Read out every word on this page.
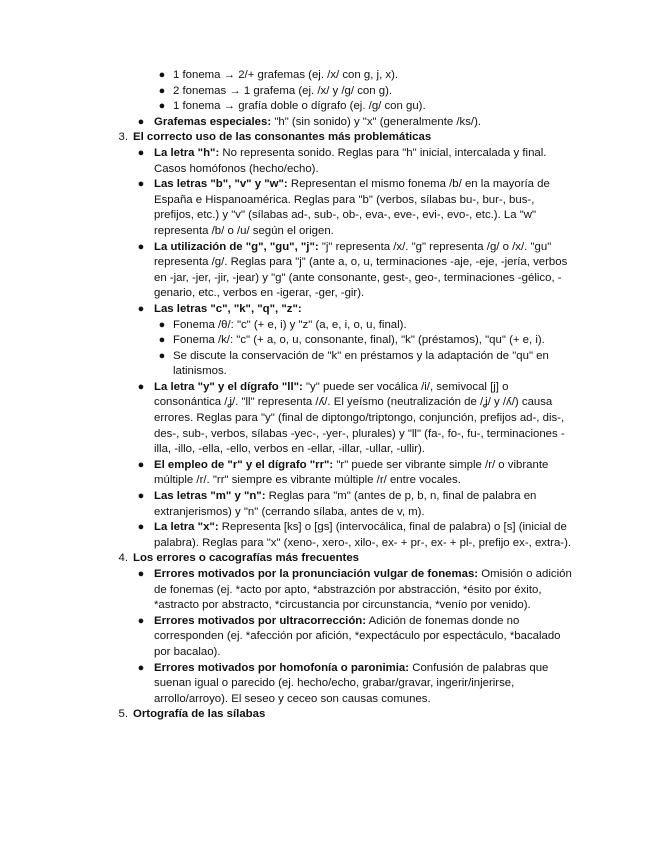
● 1 fonema → 2/+ grafemas (ej. /x/ con g, j, x).
● 2 fonemas → 1 grafema (ej. /x/ y /g/ con g).
● 1 fonema → grafía doble o dígrafo (ej. /g/ con gu).
● Grafemas especiales: "h" (sin sonido) y "x" (generalmente /ks/).
3. El correcto uso de las consonantes más problemáticas
● La letra "h": No representa sonido. Reglas para "h" inicial, intercalada y final. Casos homófonos (hecho/echo).
● Las letras "b", "v" y "w": Representan el mismo fonema /b/ en la mayoría de España e Hispanoamérica. Reglas para "b" (verbos, sílabas bu-, bur-, bus-, prefijos, etc.) y "v" (sílabas ad-, sub-, ob-, eva-, eve-, evi-, evo-, etc.). La "w" representa /b/ o /u/ según el origen.
● La utilización de "g", "gu", "j": "j" representa /x/. "g" representa /g/ o /x/. "gu" representa /g/. Reglas para "j" (ante a, o, u, terminaciones -aje, -eje, -jería, verbos en -jar, -jer, -jir, -jear) y "g" (ante consonante, gest-, geo-, terminaciones -gélico, -genario, etc., verbos en -igerar, -ger, -gir).
● Las letras "c", "k", "q", "z":
● Fonema /θ/: "c" (+ e, i) y "z" (a, e, i, o, u, final).
● Fonema /k/: "c" (+ a, o, u, consonante, final), "k" (préstamos), "qu" (+ e, i).
● Se discute la conservación de "k" en préstamos y la adaptación de "qu" en latinismos.
● La letra "y" y el dígrafo "ll": "y" puede ser vocálica /i/, semivocal [j] o consonántica /ʝ/. "ll" representa /ʎ/. El yeísmo (neutralización de /ʝ/ y /ʎ/) causa errores. Reglas para "y" (final de diptongo/triptongo, conjunción, prefijos ad-, dis-, des-, sub-, verbos, sílabas -yec-, -yer-, plurales) y "ll" (fa-, fo-, fu-, terminaciones -illa, -illo, -ella, -ello, verbos en -ellar, -illar, -ullar, -ullir).
● El empleo de "r" y el dígrafo "rr": "r" puede ser vibrante simple /r/ o vibrante múltiple /r/. "rr" siempre es vibrante múltiple /r/ entre vocales.
● Las letras "m" y "n": Reglas para "m" (antes de p, b, n, final de palabra en extranjerismos) y "n" (cerrando sílaba, antes de v, m).
● La letra "x": Representa [ks] o [gs] (intervocálica, final de palabra) o [s] (inicial de palabra). Reglas para "x" (xeno-, xero-, xilo-, ex- + pr-, ex- + pl-, prefijo ex-, extra-).
4. Los errores o cacografías más frecuentes
● Errores motivados por la pronunciación vulgar de fonemas: Omisión o adición de fonemas (ej. *acto por apto, *abstrazción por abstracción, *ésito por éxito, *astracto por abstracto, *circustancia por circunstancia, *venío por venido).
● Errores motivados por ultracorrección: Adición de fonemas donde no corresponden (ej. *afección por afición, *expectáculo por espectáculo, *bacalado por bacalao).
● Errores motivados por homofonía o paronimia: Confusión de palabras que suenan igual o parecido (ej. hecho/echo, grabar/gravar, ingerir/injerirse, arrollo/arroyo). El seseo y ceceo son causas comunes.
5. Ortografía de las sílabas
